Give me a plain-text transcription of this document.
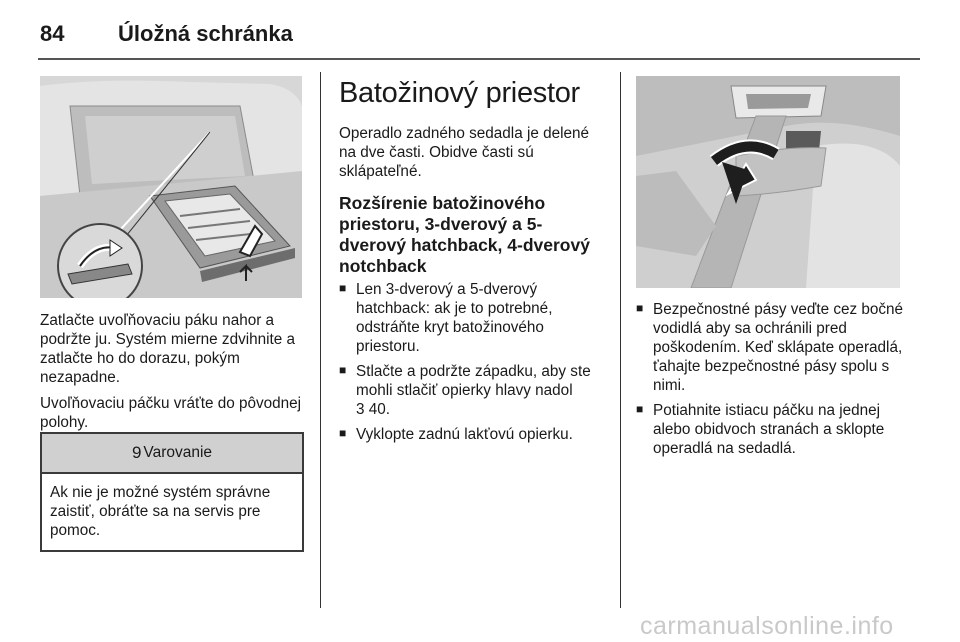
84	Úložná schránka

Zatlačte uvoľňovaciu páku nahor a podržte ju. Systém mierne zdvihnite a zatlačte ho do dorazu, pokým nezapadne.

Uvoľňovaciu páčku vráťte do pôvodnej polohy.

9 Varovanie
Ak nie je možné systém správne zaistiť, obráťte sa na servis pre pomoc.
Batožinový priestor

Operadlo zadného sedadla je delené na dve časti. Obidve časti sú sklápateľné.

Rozšírenie batožinového priestoru, 3-dverový a 5-dverový hatchback, 4-dverový notchback
■ Len 3-dverový a 5-dverový hatchback: ak je to potrebné, odstráňte kryt batožinového priestoru.
■ Stlačte a podržte západku, aby ste mohli stlačiť opierky hlavy nadol
3 40.
■ Vyklopte zadnú lakťovú opierku.
■ Bezpečnostné pásy veďte cez bočné vodidlá aby sa ochránili pred poškodením. Keď sklápate operadlá, ťahajte bezpečnostné pásy spolu s nimi.
■ Potiahnite istiacu páčku na jednej alebo obidvoch stranách a sklopte operadlá na sedadlá.
carmanualsonline.info
